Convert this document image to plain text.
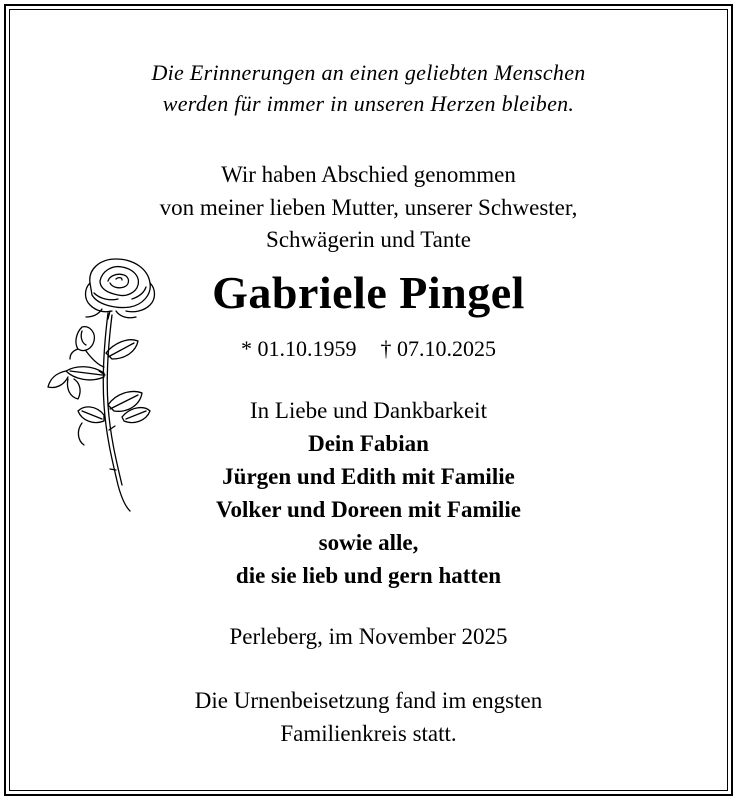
Die Erinnerungen an einen geliebten Menschen

werden für immer in unseren Herzen bleiben.

Wir haben Abschied genommen

von meiner lieben Mutter, unserer Schwester,

Schwägerin und Tante

Gabriele Pingel

* 01.10.1959 † 07.10.2025

In Liebe und Dankbarkeit

Dein Fabian

Jürgen und Edith mit Familie

Volker und Doreen mit Familie

sowie alle,

die sie lieb und gern hatten

Perleberg, im November 2025

Die Urnenbeisetzung fand im engsten

Familienkreis statt.
